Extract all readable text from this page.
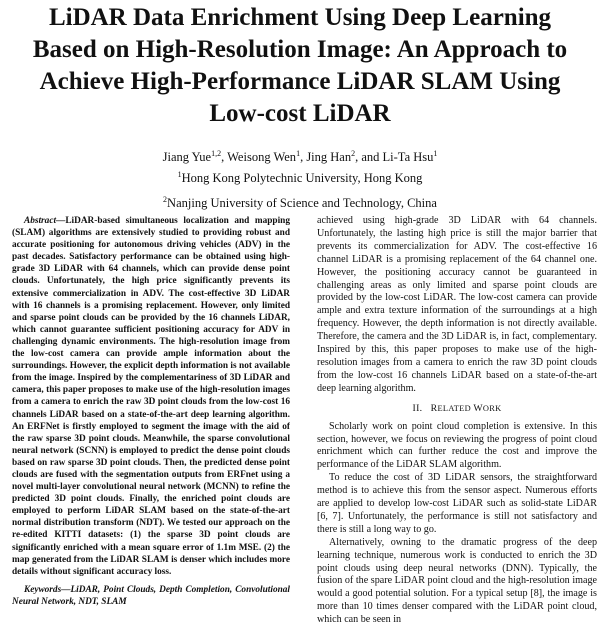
LiDAR Data Enrichment Using Deep Learning
Based on High-Resolution Image: An Approach to
Achieve High-Performance LiDAR SLAM Using
Low-cost LiDAR
Jiang Yue$^{1,2}$, Weisong Wen$^1$, Jing Han$^2$, and Li-Ta Hsu$^1$
$^1$Hong Kong Polytechnic University, Hong Kong
$^2$Nanjing University of Science and Technology, China

Abstract—LiDAR-based simultaneous localization and mapping (SLAM) algorithms are extensively studied to providing robust and accurate positioning for autonomous driving vehicles (ADV) in the past decades. Satisfactory performance can be obtained using high-grade 3D LiDAR with 64 channels, which can provide dense point clouds. Unfortunately, the high price significantly prevents its extensive commercialization in ADV. The cost-effective 3D LiDAR with 16 channels is a promising replacement. However, only limited and sparse point clouds can be provided by the 16 channels LiDAR, which cannot guarantee sufficient positioning accuracy for ADV in challenging dynamic environments. The high-resolution image from the low-cost camera can provide ample information about the surroundings. However, the explicit depth information is not available from the image. Inspired by the complementariness of 3D LiDAR and camera, this paper proposes to make use of the high-resolution images from a camera to enrich the raw 3D point clouds from the low-cost 16 channels LiDAR based on a state-of-the-art deep learning algorithm. An ERFNet is firstly employed to segment the image with the aid of the raw sparse 3D point clouds. Meanwhile, the sparse convolutional neural network (SCNN) is employed to predict the dense point clouds based on raw sparse 3D point clouds. Then, the predicted dense point clouds are fused with the segmentation outputs from ERFnet using a novel multi-layer convolutional neural network (MCNN) to refine the predicted 3D point clouds. Finally, the enriched point clouds are employed to perform LiDAR SLAM based on the state-of-the-art normal distribution transform (NDT). We tested our approach on the re-edited KITTI datasets: (1) the sparse 3D point clouds are significantly enriched with a mean square error of 1.1m MSE. (2) the map generated from the LiDAR SLAM is denser which includes more details without significant accuracy loss.

Keywords—LiDAR, Point Clouds, Depth Completion, Convolutional Neural Network, NDT, SLAM

achieved using high-grade 3D LiDAR with 64 channels. Unfortunately, the lasting high price is still the major barrier that prevents its commercialization for ADV. The cost-effective 16 channel LiDAR is a promising replacement of the 64 channel one. However, the positioning accuracy cannot be guaranteed in challenging areas as only limited and sparse point clouds are provided by the low-cost LiDAR. The low-cost camera can provide ample and extra texture information of the surroundings at a high frequency. However, the depth information is not directly available. Therefore, the camera and the 3D LiDAR is, in fact, complementary. Inspired by this, this paper proposes to make use of the high-resolution images from a camera to enrich the raw 3D point clouds from the low-cost 16 channels LiDAR based on a state-of-the-art deep learning algorithm.

II. RELATED WORK

Scholarly work on point cloud completion is extensive. In this section, however, we focus on reviewing the progress of point cloud enrichment which can further reduce the cost and improve the performance of the LiDAR SLAM algorithm.

To reduce the cost of 3D LiDAR sensors, the straightforward method is to achieve this from the sensor aspect. Numerous efforts are applied to develop low-cost LiDAR such as solid-state LiDAR [6, 7]. Unfortunately, the performance is still not satisfactory and there is still a long way to go.

Alternatively, owning to the dramatic progress of the deep learning technique, numerous work is conducted to enrich the 3D point clouds using deep neural networks (DNN). Typically, the fusion of the spare LiDAR point cloud and the high-resolution image would a good potential solution. For a typical setup [8], the image is more than 10 times denser compared with the LiDAR point cloud, which can be seen in
